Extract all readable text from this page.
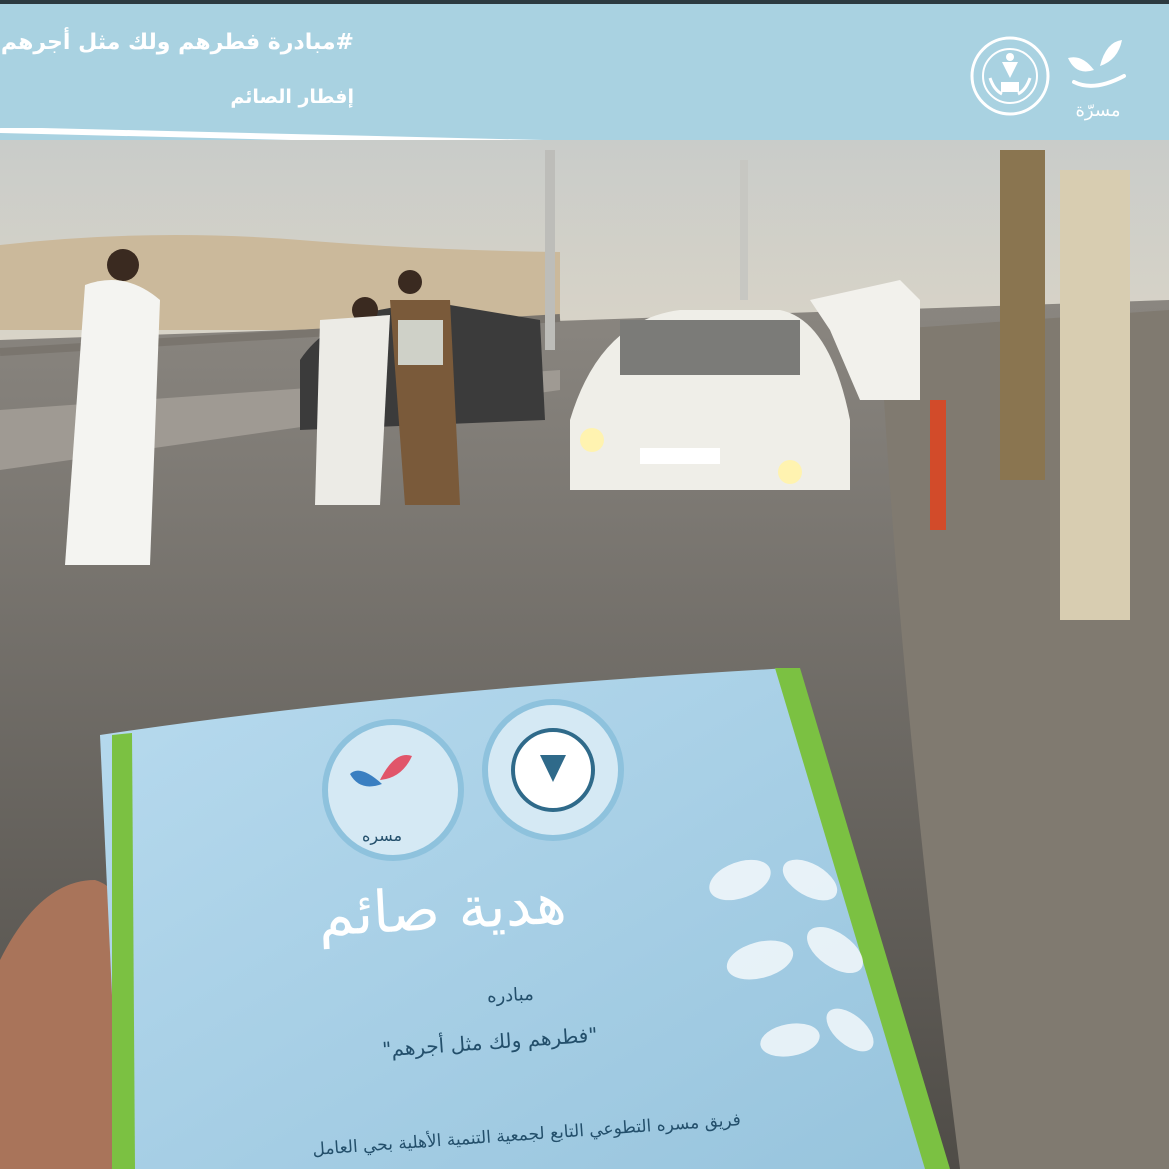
#مبادرة فطرهم ولك مثل أجرهم
إفطار الصائم
مسرّة
مسره
هدية صائم
مبادره
"فطرهم ولك مثل أجرهم"
فريق مسره التطوعي التابع لجمعية التنمية الأهلية بحي العامل
